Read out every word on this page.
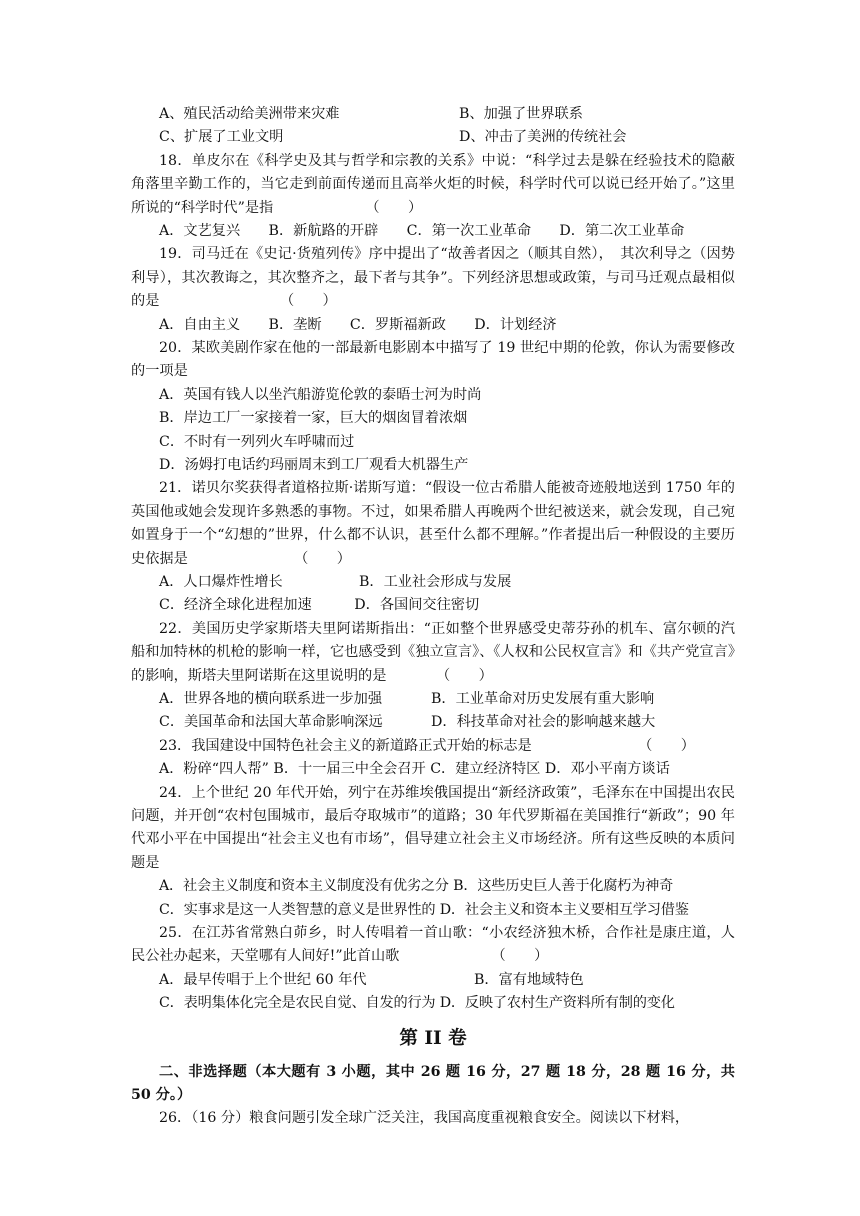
A、殖民活动给美洲带来灾难	B、加强了世界联系
C、扩展了工业文明	D、冲击了美洲的传统社会
18．单皮尔在《科学史及其与哲学和宗教的关系》中说：“科学过去是躲在经验技术的隐蔽角落里辛勤工作的，当它走到前面传递而且高举火炬的时候，科学时代可以说已经开始了。”这里所说的“科学时代”是指　　　　　　　（　　）
A．文艺复兴　　B．新航路的开辟　　C．第一次工业革命　　D．第二次工业革命
19．司马迁在《史记·货殖列传》序中提出了“故善者因之（顺其自然），　其次利导之（因势利导），其次教诲之，其次整齐之，最下者与其争”。下列经济思想或政策，与司马迁观点最相似的是　　　　　　　　　（　　）
A．自由主义　　B．垄断　　C．罗斯福新政　　D．计划经济
20．某欧美剧作家在他的一部最新电影剧本中描写了 19 世纪中期的伦敦，你认为需要修改的一项是
A．英国有钱人以坐汽船游览伦敦的泰晤士河为时尚
B．岸边工厂一家接着一家，巨大的烟囱冒着浓烟
C．不时有一列列火车呼啸而过
D．汤姆打电话约玛丽周末到工厂观看大机器生产
21．诺贝尔奖获得者道格拉斯·诺斯写道：“假设一位古希腊人能被奇迹般地送到 1750 年的英国他或她会发现许多熟悉的事物。不过，如果希腊人再晚两个世纪被送来，就会发现，自己宛如置身于一个“幻想的”世界，什么都不认识，甚至什么都不理解。”作者提出后一种假设的主要历史依据是　　　　　　　　（　　）
A．人口爆炸性增长	B．工业社会形成与发展
C．经济全球化进程加速　　　D．各国间交往密切
22．美国历史学家斯塔夫里阿诺斯指出：“正如整个世界感受史蒂芬孙的机车、富尔顿的汽船和加特林的机枪的影响一样，它也感受到《独立宣言》、《人权和公民权宣言》和《共产党宣言》的影响，斯塔夫里阿诺斯在这里说明的是　　　　（　　）
A．世界各地的横向联系进一步加强	B．工业革命对历史发展有重大影响
C．美国革命和法国大革命影响深远	D．科技革命对社会的影响越来越大
23．我国建设中国特色社会主义的新道路正式开始的标志是　　　　　　　　（　　）
A．粉碎“四人帮” B．十一届三中全会召开 C．建立经济特区 D．邓小平南方谈话
24．上个世纪 20 年代开始，列宁在苏维埃俄国提出“新经济政策”，毛泽东在中国提出农民问题，并开创“农村包围城市，最后夺取城市”的道路；30 年代罗斯福在美国推行“新政”；90 年代邓小平在中国提出“社会主义也有市场”，倡导建立社会主义市场经济。所有这些反映的本质问题是
A．社会主义制度和资本主义制度没有优劣之分 B．这些历史巨人善于化腐朽为神奇
C．实事求是这一人类智慧的意义是世界性的 D．社会主义和资本主义要相互学习借鉴
25．在江苏省常熟白茆乡，时人传唱着一首山歌：“小农经济独木桥，合作社是康庄道，人民公社办起来，天堂哪有人间好!”此首山歌　　　　　　　（　　）
A．最早传唱于上个世纪 60 年代	B．富有地域特色
C．表明集体化完全是农民自觉、自发的行为 D．反映了农村生产资料所有制的变化
第 II 卷
二、非选择题（本大题有 3 小题，其中 26 题 16 分，27 题 18 分，28 题 16 分，共 50 分。）
26．（16 分）粮食问题引发全球广泛关注，我国高度重视粮食安全。阅读以下材料，
